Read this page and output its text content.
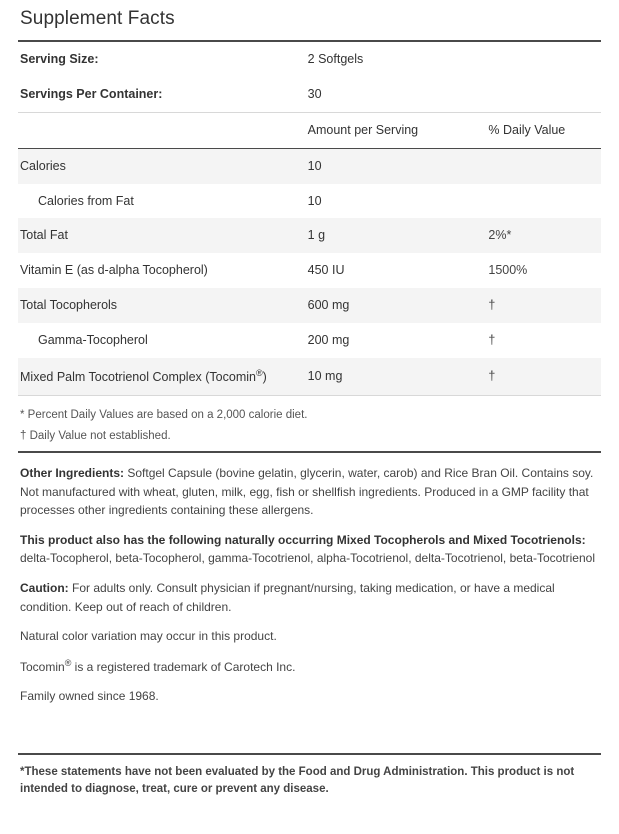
Supplement Facts
Serving Size:	2 Softgels	
Servings Per Container:	30	
	Amount per Serving	% Daily Value
Calories	10	
Calories from Fat	10	
Total Fat	1 g	2%*
Vitamin E (as d-alpha Tocopherol)	450 IU	1500%
Total Tocopherols	600 mg	†
Gamma-Tocopherol	200 mg	†
Mixed Palm Tocotrienol Complex (Tocomin®)	10 mg	†
* Percent Daily Values are based on a 2,000 calorie diet.
† Daily Value not established.

Other Ingredients: Softgel Capsule (bovine gelatin, glycerin, water, carob) and Rice Bran Oil. Contains soy. Not manufactured with wheat, gluten, milk, egg, fish or shellfish ingredients. Produced in a GMP facility that processes other ingredients containing these allergens.

This product also has the following naturally occurring Mixed Tocopherols and Mixed Tocotrienols:
delta-Tocopherol, beta-Tocopherol, gamma-Tocotrienol, alpha-Tocotrienol, delta-Tocotrienol, beta-Tocotrienol

Caution: For adults only. Consult physician if pregnant/nursing, taking medication, or have a medical condition. Keep out of reach of children.

Natural color variation may occur in this product.

Tocomin® is a registered trademark of Carotech Inc.

Family owned since 1968.

*These statements have not been evaluated by the Food and Drug Administration. This product is not intended to diagnose, treat, cure or prevent any disease.
